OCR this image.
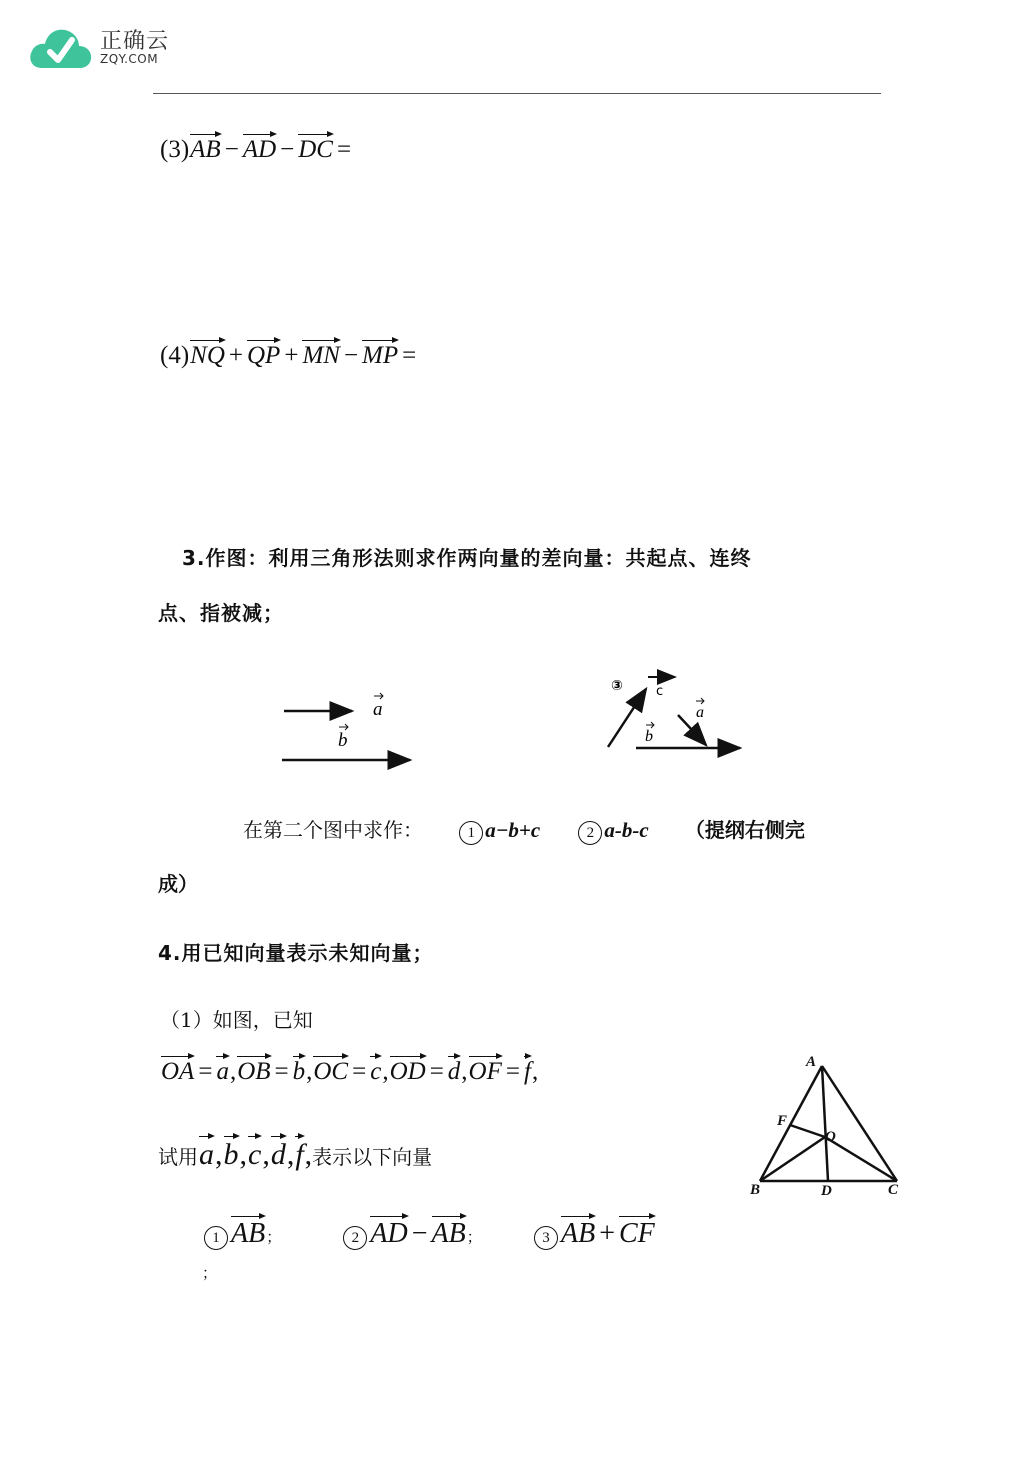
正确云
ZQY.COM
(3)AB − AD − DC =
(4)NQ + QP + MN − MP =
3.作图：利用三角形法则求作两向量的差向量：共起点、连终
点、指被减；
a
b
③	c
a
b
在第二个图中求作：	1 a−b+c	2 a-b-c （提纲右侧完
成）
4.用已知向量表示未知向量；
（1）如图，已知
OA = a,OB = b,OC = c,OD = d,OF = f,
试用a,b,c,d,f,表示以下向量
A
B	C
D
F
O
1 AB；	2 AD − AB；	3 AB + CF
；
